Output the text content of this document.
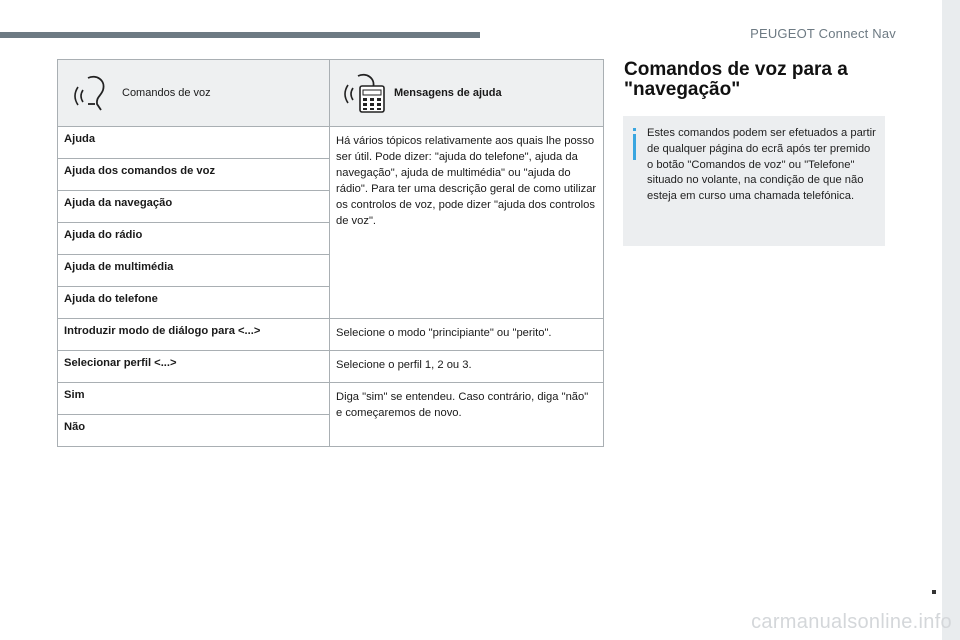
PEUGEOT Connect Nav
carmanualsonline.info
Comandos de voz	Mensagens de ajuda

Ajuda	Há vários tópicos relativamente aos quais lhe posso ser útil. Pode dizer: "ajuda do telefone", ajuda da navegação", ajuda de multimédia" ou "ajuda do rádio". Para ter uma descrição geral de como utilizar os controlos de voz, pode dizer "ajuda dos controlos de voz".

Ajuda dos comandos de voz	

Ajuda da navegação	

Ajuda do rádio	

Ajuda de multimédia	

Ajuda do telefone	

Introduzir modo de diálogo para <...>	Selecione o modo "principiante" ou "perito".

Selecionar perfil <...>	Selecione o perfil 1, 2 ou 3.

Sim	Diga "sim" se entendeu. Caso contrário, diga "não" e começaremos de novo.

Não	
Comandos de voz para a "navegação"
Estes comandos podem ser efetuados a partir de qualquer página do ecrã após ter premido o botão "Comandos de voz" ou "Telefone" situado no volante, na condição de que não esteja em curso uma chamada telefónica.
